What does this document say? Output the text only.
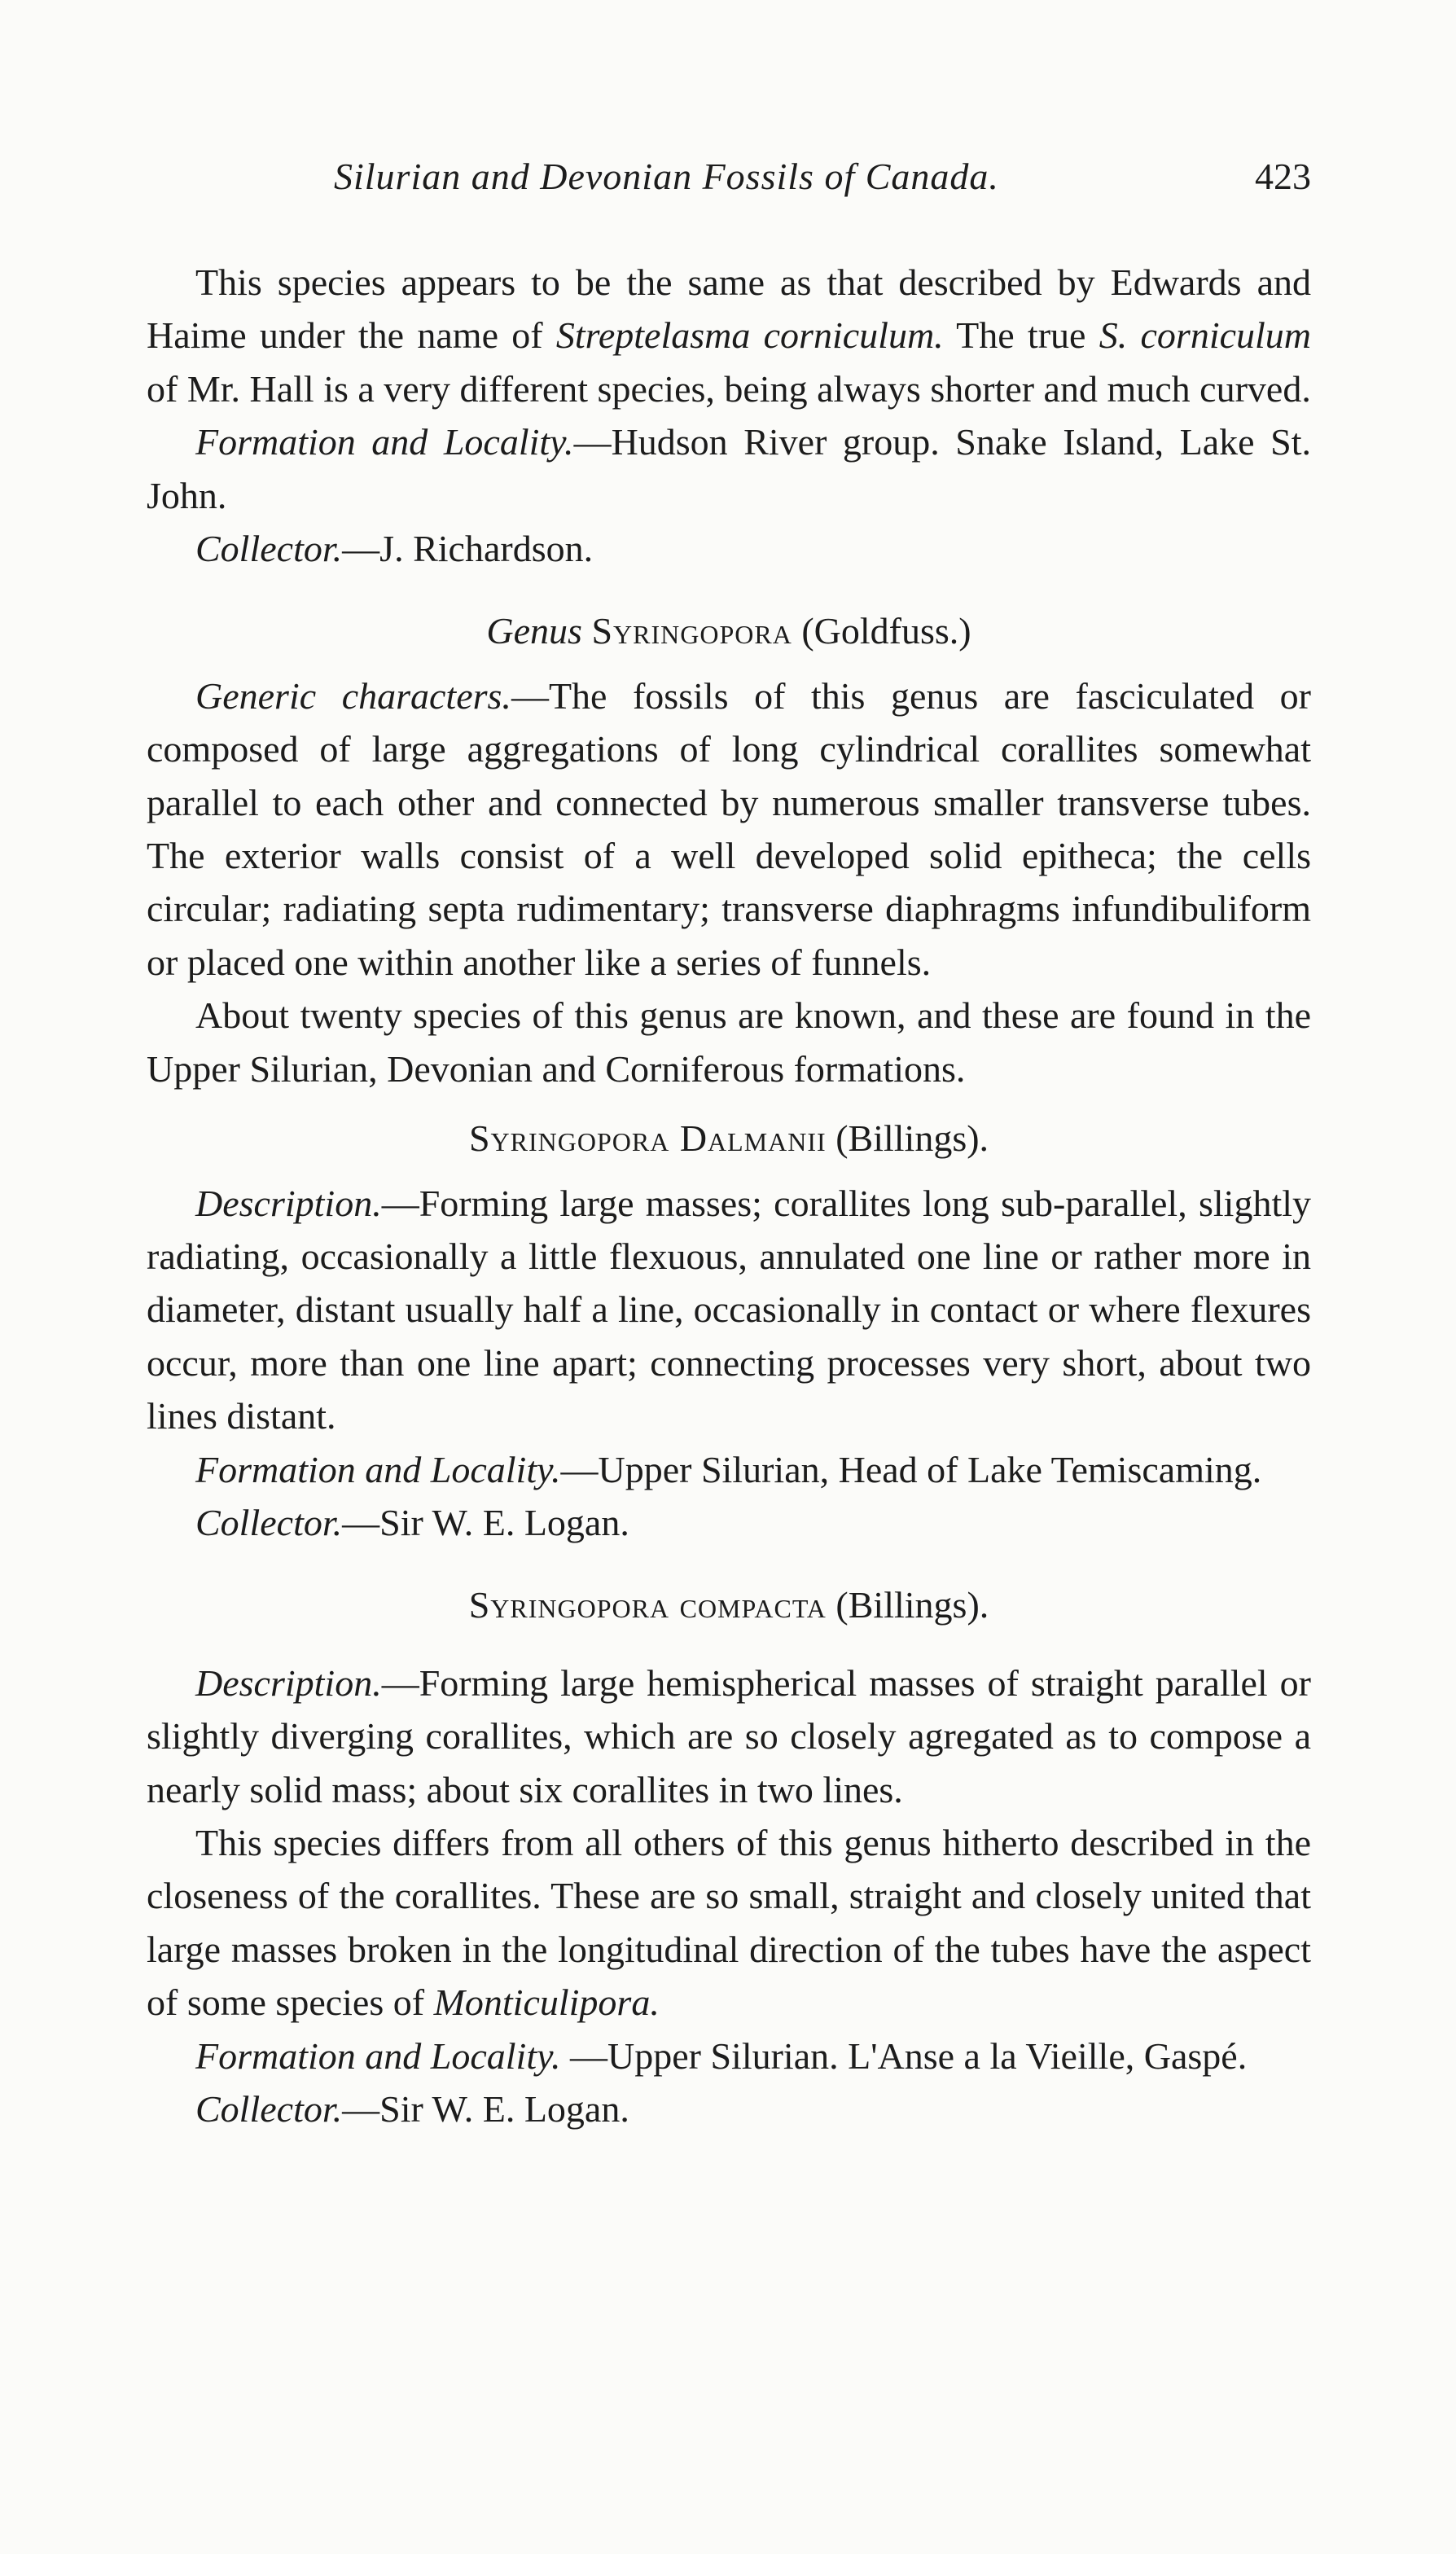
Silurian and Devonian Fossils of Canada.	423

This species appears to be the same as that described by Edwards and Haime under the name of Streptelasma corniculum. The true S. corniculum of Mr. Hall is a very different species, being always shorter and much curved.

Formation and Locality.—Hudson River group. Snake Island, Lake St. John.

Collector.—J. Richardson.

Genus Syringopora (Goldfuss.)

Generic characters.—The fossils of this genus are fasciculated or composed of large aggregations of long cylindrical corallites somewhat parallel to each other and connected by numerous smaller transverse tubes. The exterior walls consist of a well developed solid epitheca; the cells circular; radiating septa rudimentary; transverse diaphragms infundibuliform or placed one within another like a series of funnels.

About twenty species of this genus are known, and these are found in the Upper Silurian, Devonian and Corniferous formations.

Syringopora Dalmanii (Billings).

Description.—Forming large masses; corallites long sub-parallel, slightly radiating, occasionally a little flexuous, annulated one line or rather more in diameter, distant usually half a line, occasionally in contact or where flexures occur, more than one line apart; connecting processes very short, about two lines distant.

Formation and Locality.—Upper Silurian, Head of Lake Temiscaming.

Collector.—Sir W. E. Logan.

Syringopora compacta (Billings).

Description.—Forming large hemispherical masses of straight parallel or slightly diverging corallites, which are so closely agregated as to compose a nearly solid mass; about six corallites in two lines.

This species differs from all others of this genus hitherto described in the closeness of the corallites. These are so small, straight and closely united that large masses broken in the longitudinal direction of the tubes have the aspect of some species of Monticulipora.

Formation and Locality. —Upper Silurian. L'Anse a la Vieille, Gaspé.

Collector.—Sir W. E. Logan.
